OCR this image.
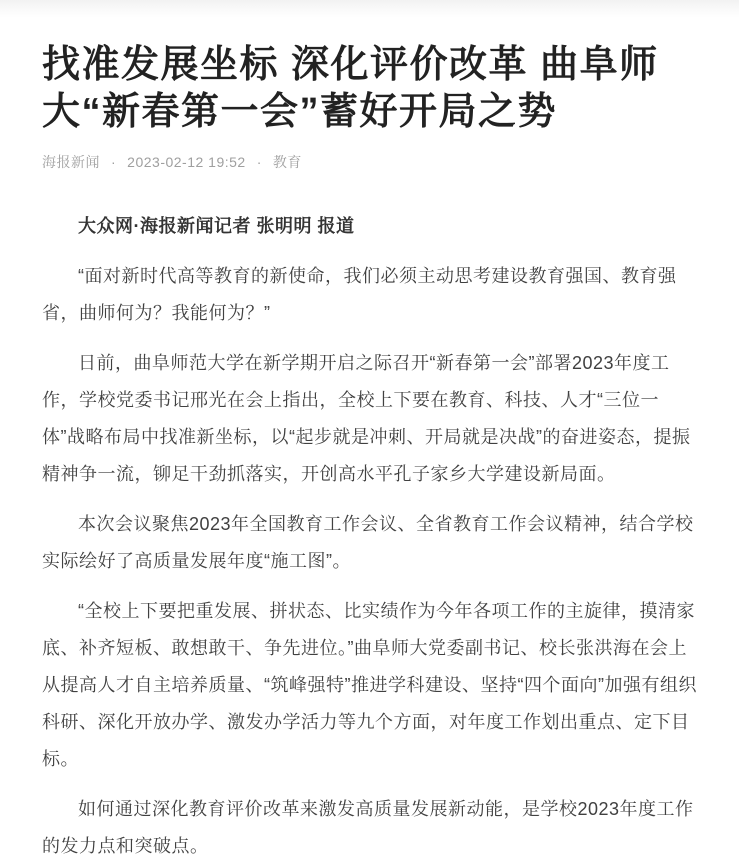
找准发展坐标 深化评价改革 曲阜师
大“新春第一会”蓄好开局之势
海报新闻 · 2023-02-12 19:52 · 教育

大众网·海报新闻记者 张明明 报道

“面对新时代高等教育的新使命，我们必须主动思考建设教育强国、教育强省，曲师何为？我能何为？”

日前，曲阜师范大学在新学期开启之际召开“新春第一会”部署2023年度工作，学校党委书记邢光在会上指出，全校上下要在教育、科技、人才“三位一体”战略布局中找准新坐标，以“起步就是冲刺、开局就是决战”的奋进姿态，提振精神争一流，铆足干劲抓落实，开创高水平孔子家乡大学建设新局面。

本次会议聚焦2023年全国教育工作会议、全省教育工作会议精神，结合学校实际绘好了高质量发展年度“施工图”。

“全校上下要把重发展、拼状态、比实绩作为今年各项工作的主旋律，摸清家底、补齐短板、敢想敢干、争先进位。”曲阜师大党委副书记、校长张洪海在会上从提高人才自主培养质量、“筑峰强特”推进学科建设、坚持“四个面向”加强有组织科研、深化开放办学、激发办学活力等九个方面，对年度工作划出重点、定下目标。

如何通过深化教育评价改革来激发高质量发展新动能，是学校2023年度工作的发力点和突破点。
